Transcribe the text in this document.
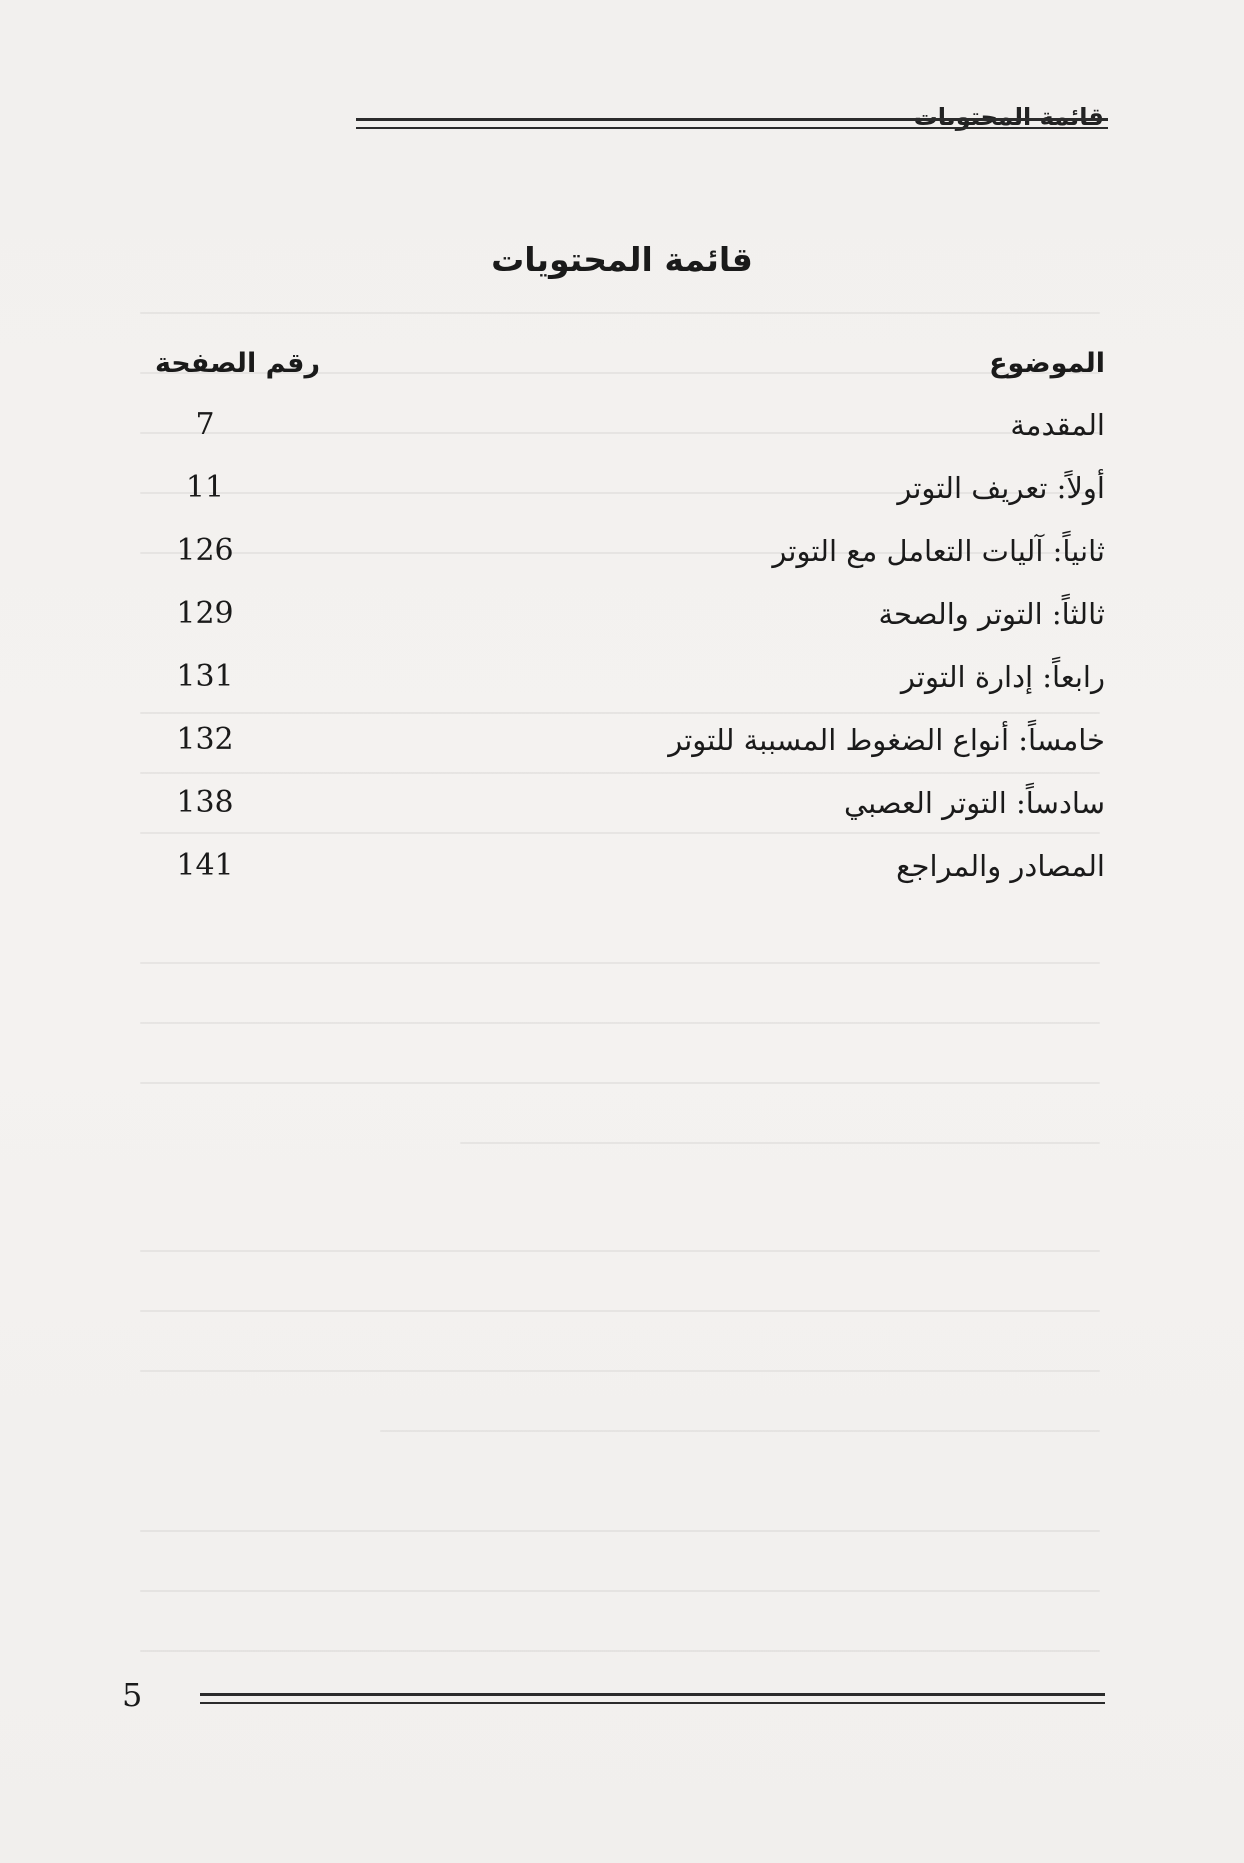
قائمة المحتويات
قائمة المحتويات
الموضوع
رقم الصفحة
المقدمة
7
أولاً: تعريف التوتر
11
ثانياً: آليات التعامل مع التوتر
126
ثالثاً: التوتر والصحة
129
رابعاً: إدارة التوتر
131
خامساً: أنواع الضغوط المسببة للتوتر
132
سادساً: التوتر العصبي
138
المصادر والمراجع
141
5
